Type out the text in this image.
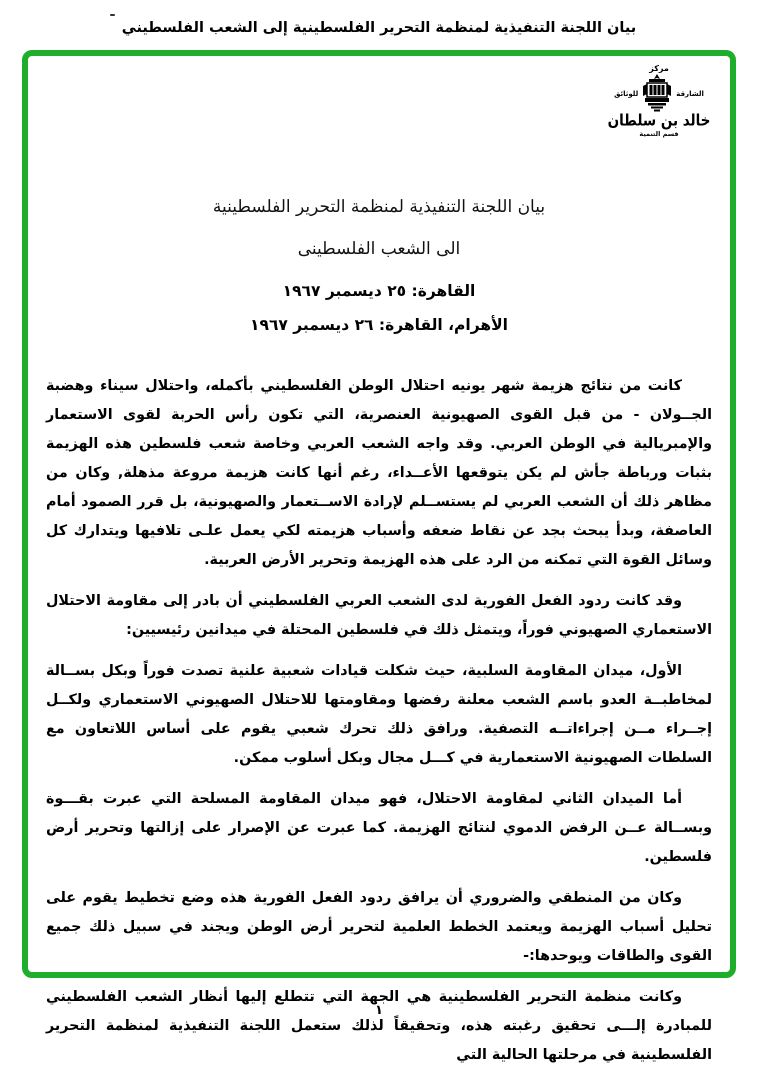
بيان اللجنة التنفيذية لمنظمة التحرير الفلسطينية إلى الشعب الفلسطيني
مركز
الشارقة
للوثائق
خالد بن سلطان
قسم التنمية
بيان اللجنة التنفيذية لمنظمة التحرير الفلسطينية
الى الشعب الفلسطينى
القاهرة: ٢٥ ديسمبر ١٩٦٧
الأهرام، القاهرة: ٢٦ ديسمبر ١٩٦٧

كانت من نتائج هزيمة شهر يونيه احتلال الوطن الفلسطيني بأكمله، واحتلال سيناء وهضبة الجــولان - من قبل القوى الصهيونية العنصرية، التي تكون رأس الحربة لقوى الاستعمار والإمبريالية في الوطن العربي. وقد واجه الشعب العربي وخاصة شعب فلسطين هذه الهزيمة بثبات ورباطة جأش لم يكن يتوقعها الأعــداء، رغم أنها كانت هزيمة مروعة مذهلة, وكان من مظاهر ذلك أن الشعب العربي لم يستســلم لإرادة الاســتعمار والصهيونية، بل قرر الصمود أمام العاصفة، وبدأ يبحث بجد عن نقاط ضعفه وأسباب هزيمته لكي يعمل علـى تلافيها ويتدارك كل وسائل القوة التي تمكنه من الرد على هذه الهزيمة وتحرير الأرض العربية.

وقد كانت ردود الفعل الفورية لدى الشعب العربي الفلسطيني أن بادر إلى مقاومة الاحتلال الاستعماري الصهيوني فوراً، ويتمثل ذلك في فلسطين المحتلة في ميدانين رئيسيين:

الأول، ميدان المقاومة السلبية، حيث شكلت قيادات شعبية علنية تصدت فوراً وبكل بســالة لمخاطبــة العدو باسم الشعب معلنة رفضها ومقاومتها للاحتلال الصهيوني الاستعماري ولكــل إجــراء مــن إجراءاتــه التصفية. ورافق ذلك تحرك شعبي يقوم على أساس اللاتعاون مع السلطات الصهيونية الاستعمارية في كـــل مجال وبكل أسلوب ممكن.

أما الميدان الثاني لمقاومة الاحتلال، فهو ميدان المقاومة المسلحة التي عبرت بقـــوة وبســالة عــن الرفض الدموي لنتائج الهزيمة. كما عبرت عن الإصرار على إزالتها وتحرير أرض فلسطين.

وكان من المنطقي والضروري أن يرافق ردود الفعل الفورية هذه وضع تخطيط يقوم على تحليل أسباب الهزيمة ويعتمد الخطط العلمية لتحرير أرض الوطن ويجند في سبيل ذلك جميع القوى والطاقات ويوحدها:-

وكانت منظمة التحرير الفلسطينية هي الجهة التي تتطلع إليها أنظار الشعب الفلسطيني للمبادرة إلـــى تحقيق رغبته هذه، وتحقيقاً لذلك ستعمل اللجنة التنفيذية لمنظمة التحرير الفلسطينية في مرحلتها الحالية التي

١
